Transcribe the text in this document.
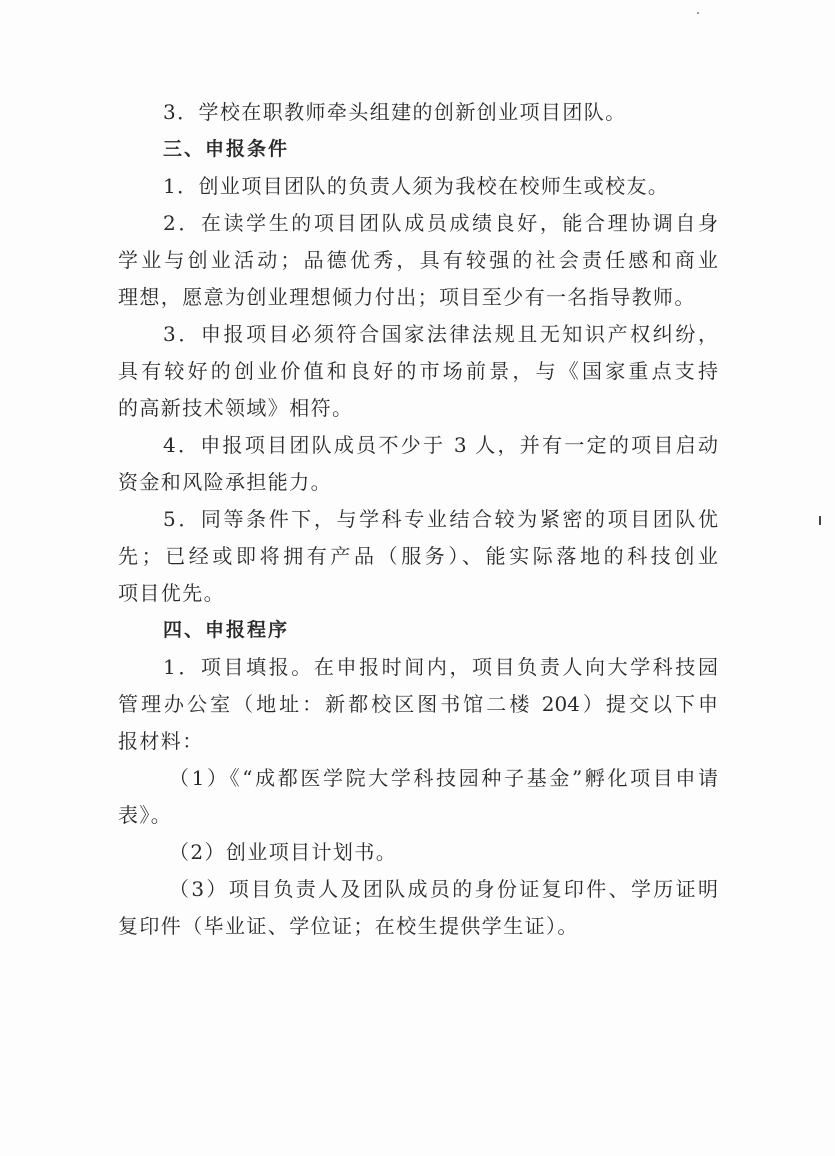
3．学校在职教师牵头组建的创新创业项目团队。
三、申报条件
1．创业项目团队的负责人须为我校在校师生或校友。
2．在读学生的项目团队成员成绩良好，能合理协调自身
学业与创业活动；品德优秀，具有较强的社会责任感和商业
理想，愿意为创业理想倾力付出；项目至少有一名指导教师。
3．申报项目必须符合国家法律法规且无知识产权纠纷，
具有较好的创业价值和良好的市场前景，与《国家重点支持
的高新技术领域》相符。
4．申报项目团队成员不少于 3 人，并有一定的项目启动
资金和风险承担能力。
5．同等条件下，与学科专业结合较为紧密的项目团队优
先；已经或即将拥有产品（服务）、能实际落地的科技创业
项目优先。
四、申报程序
1．项目填报。在申报时间内，项目负责人向大学科技园
管理办公室（地址：新都校区图书馆二楼 204）提交以下申
报材料：
（1）《“成都医学院大学科技园种子基金”孵化项目申请
表》。
（2）创业项目计划书。
（3）项目负责人及团队成员的身份证复印件、学历证明
复印件（毕业证、学位证；在校生提供学生证）。
